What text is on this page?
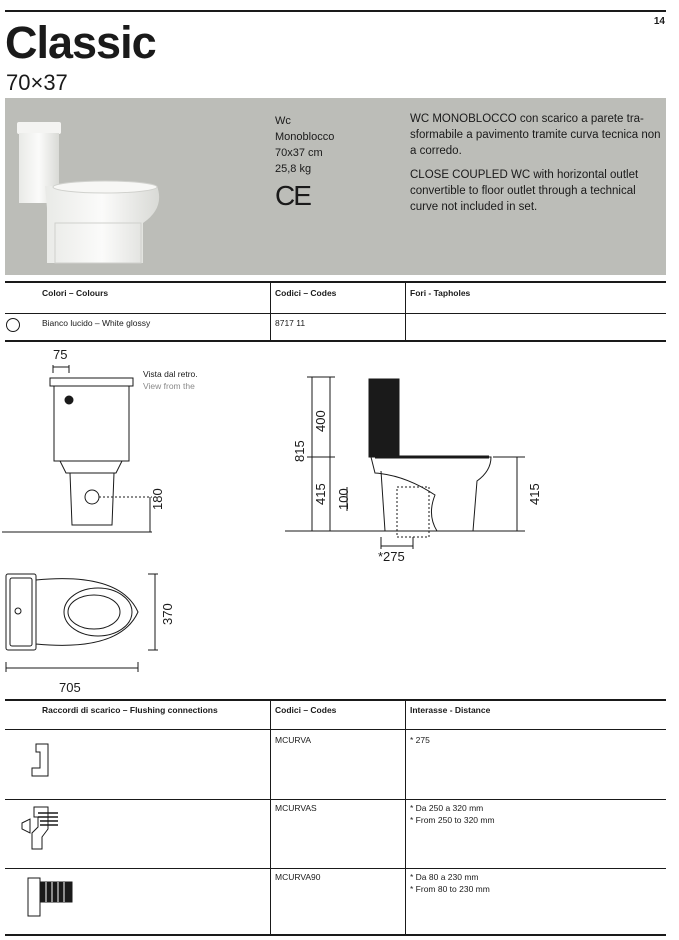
14
Classic
70×37
Wc
Monoblocco
70x37 cm
25,8 kg
CE

WC MONOBLOCCO con scarico a parete tra-sformabile a pavimento tramite curva tecnica non a corredo.

CLOSE COUPLED WC with horizontal outlet convertible to floor outlet through a technical curve not included in set.

Colori – Colours	Codici – Codes	Fori - Tapholes
Bianco lucido – White glossy	8717 11
75
Vista dal retro.
View from the
180
815
400
415 100	415
*275
370
705
Raccordi di scarico – Flushing connections	Codici – Codes	Interasse - Distance
MCURVA	* 275
MCURVAS	* Da 250 a 320 mm
* From 250 to 320 mm
MCURVA90	* Da 80 a 230 mm
* From 80 to 230 mm
